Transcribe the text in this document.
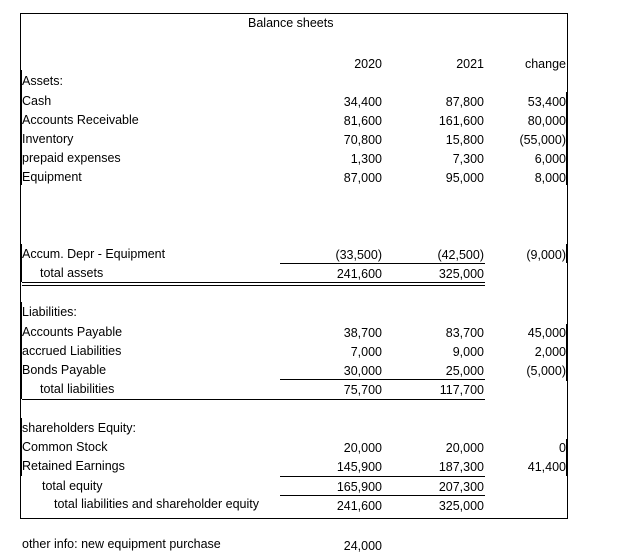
Balance sheets
2020	2021	change
Assets:
Cash	34,400	87,800	53,400
Accounts Receivable	81,600	161,600	80,000
Inventory	70,800	15,800	(55,000)
prepaid expenses	1,300	7,300	6,000
Equipment	87,000	95,000	8,000
Accum. Depr - Equipment	(33,500)	(42,500)	(9,000)
total assets	241,600	325,000
Liabilities:
Accounts Payable	38,700	83,700	45,000
accrued Liabilities	7,000	9,000	2,000
Bonds Payable	30,000	25,000	(5,000)
total liabilities	75,700	117,700
shareholders Equity:
Common Stock	20,000	20,000	0
Retained Earnings	145,900	187,300	41,400
total equity	165,900	207,300
total liabilities and shareholder equity	241,600	325,000
other info: new equipment purchase	24,000
